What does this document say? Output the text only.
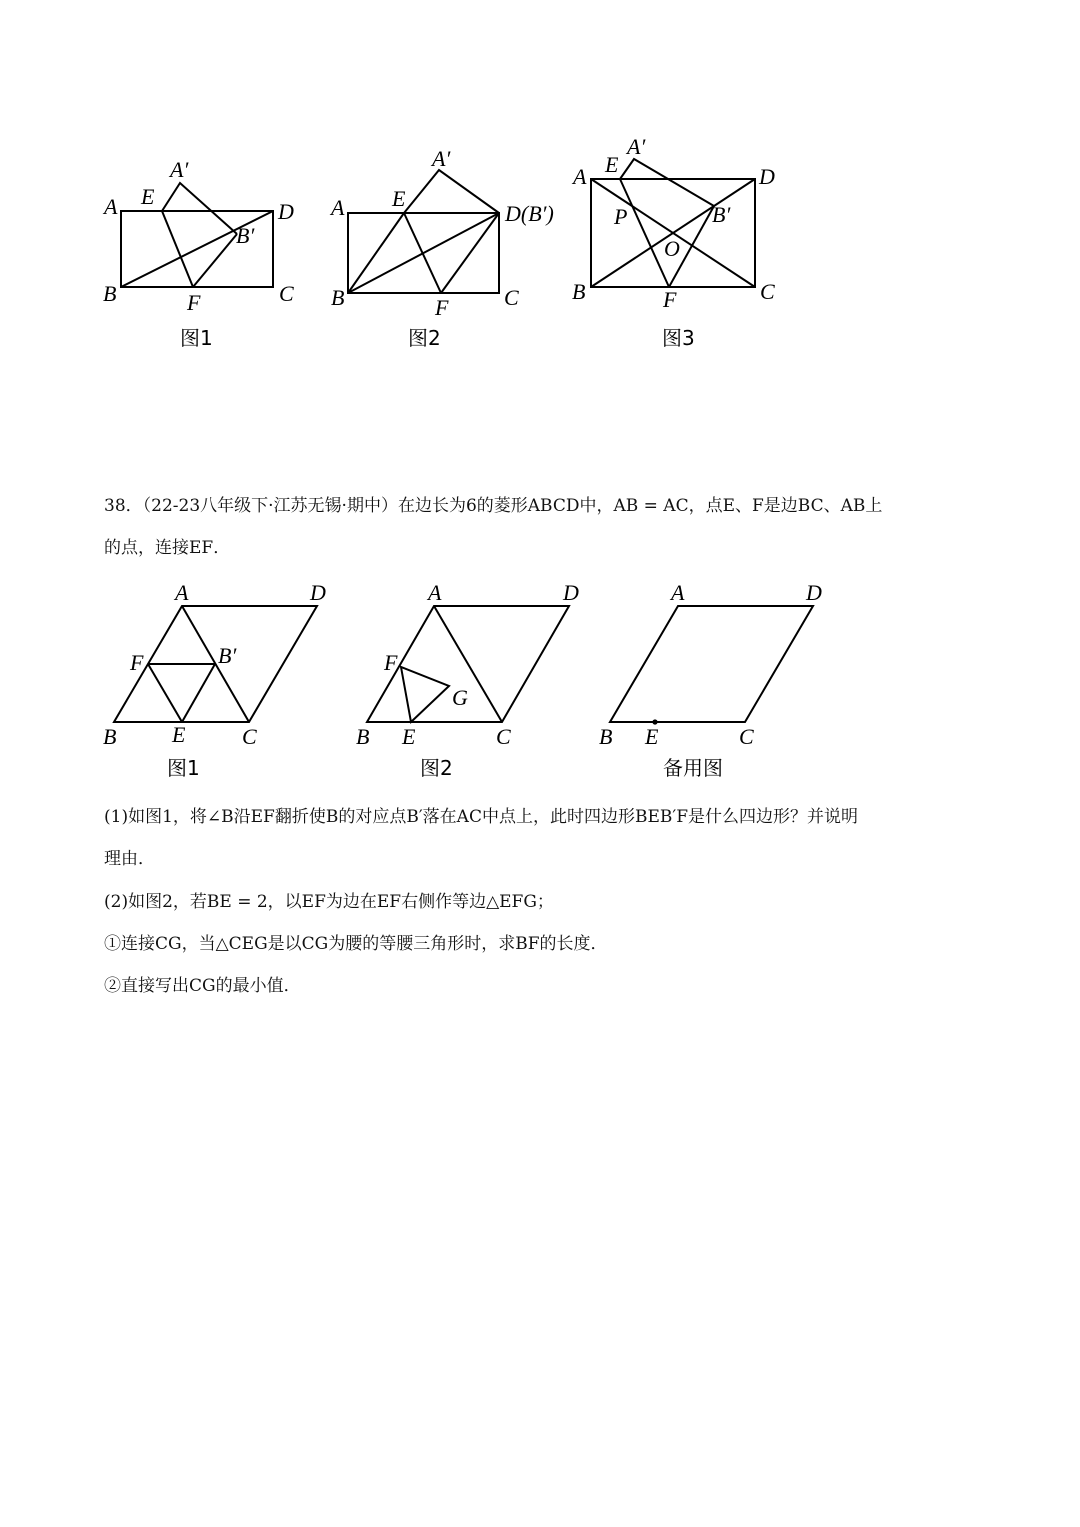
A
A′
E
D
B′
B	F	C
图1
A
A′
E
D(B′)
B	F	C
图2
A
A′
E	D
P	B′
O
B	F	C
图3
A	D
F	B′
B	E	C
图1
A	D
F
G
B E	C
图2
A	D
B E	C
备用图
38．（22-23八年级下·江苏无锡·期中）在边长为6的菱形ABCD中，AB = AC，点E、F是边BC、AB上
的点，连接EF．
(1)如图1，将∠B沿EF翻折使B的对应点B′落在AC中点上，此时四边形BEB′F是什么四边形？并说明
理由．
(2)如图2，若BE = 2，以EF为边在EF右侧作等边△EFG；
①连接CG，当△CEG是以CG为腰的等腰三角形时，求BF的长度．
②直接写出CG的最小值．
